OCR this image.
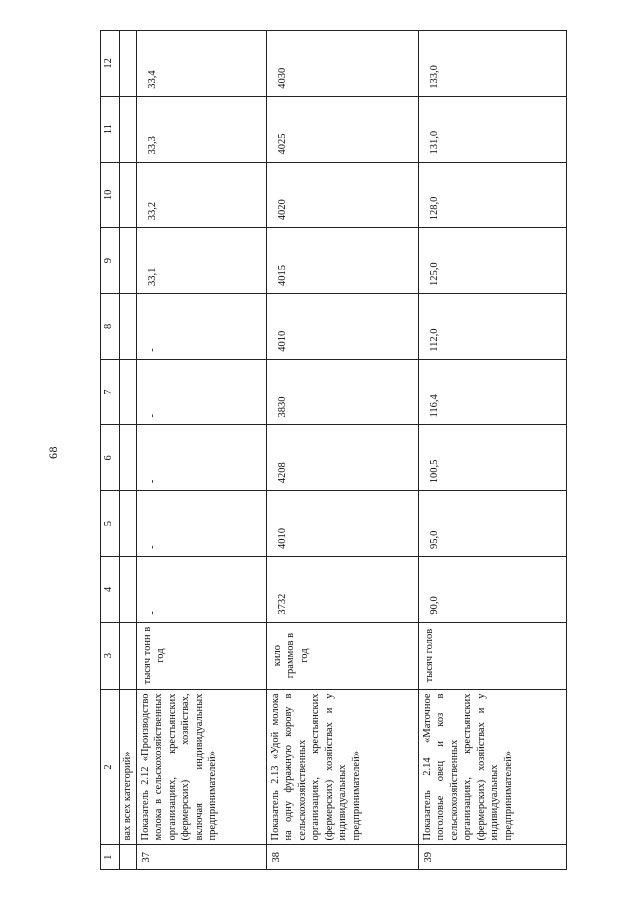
68
1	2	3	4	5	6	7	8	9	10	11	12
	вах всех категорий»										
37	Показатель 2.12 «Производство молока в сельскохозяйственных организациях, крестьянских (фермерских) хозяйствах, включая индивидуальных предпринимателей»	тысяч тонн в год	-	-	-	-	-	33,1	33,2	33,3	33,4
38	Показатель 2.13 «Удой молока на одну фуражную корову в сельскохозяйственных организациях, крестьянских (фермерских) хозяйствах и у индивидуальных предпринимателей»	кило граммов в год	3732	4010	4208	3830	4010	4015	4020	4025	4030
39	Показатель 2.14 «Маточное поголовье овец и коз в сельскохозяйственных организациях, крестьянских (фермерских) хозяйствах и у индивидуальных предпринимателей»	тысяч голов	90,0	95,0	100,5	116,4	112,0	125,0	128,0	131,0	133,0
